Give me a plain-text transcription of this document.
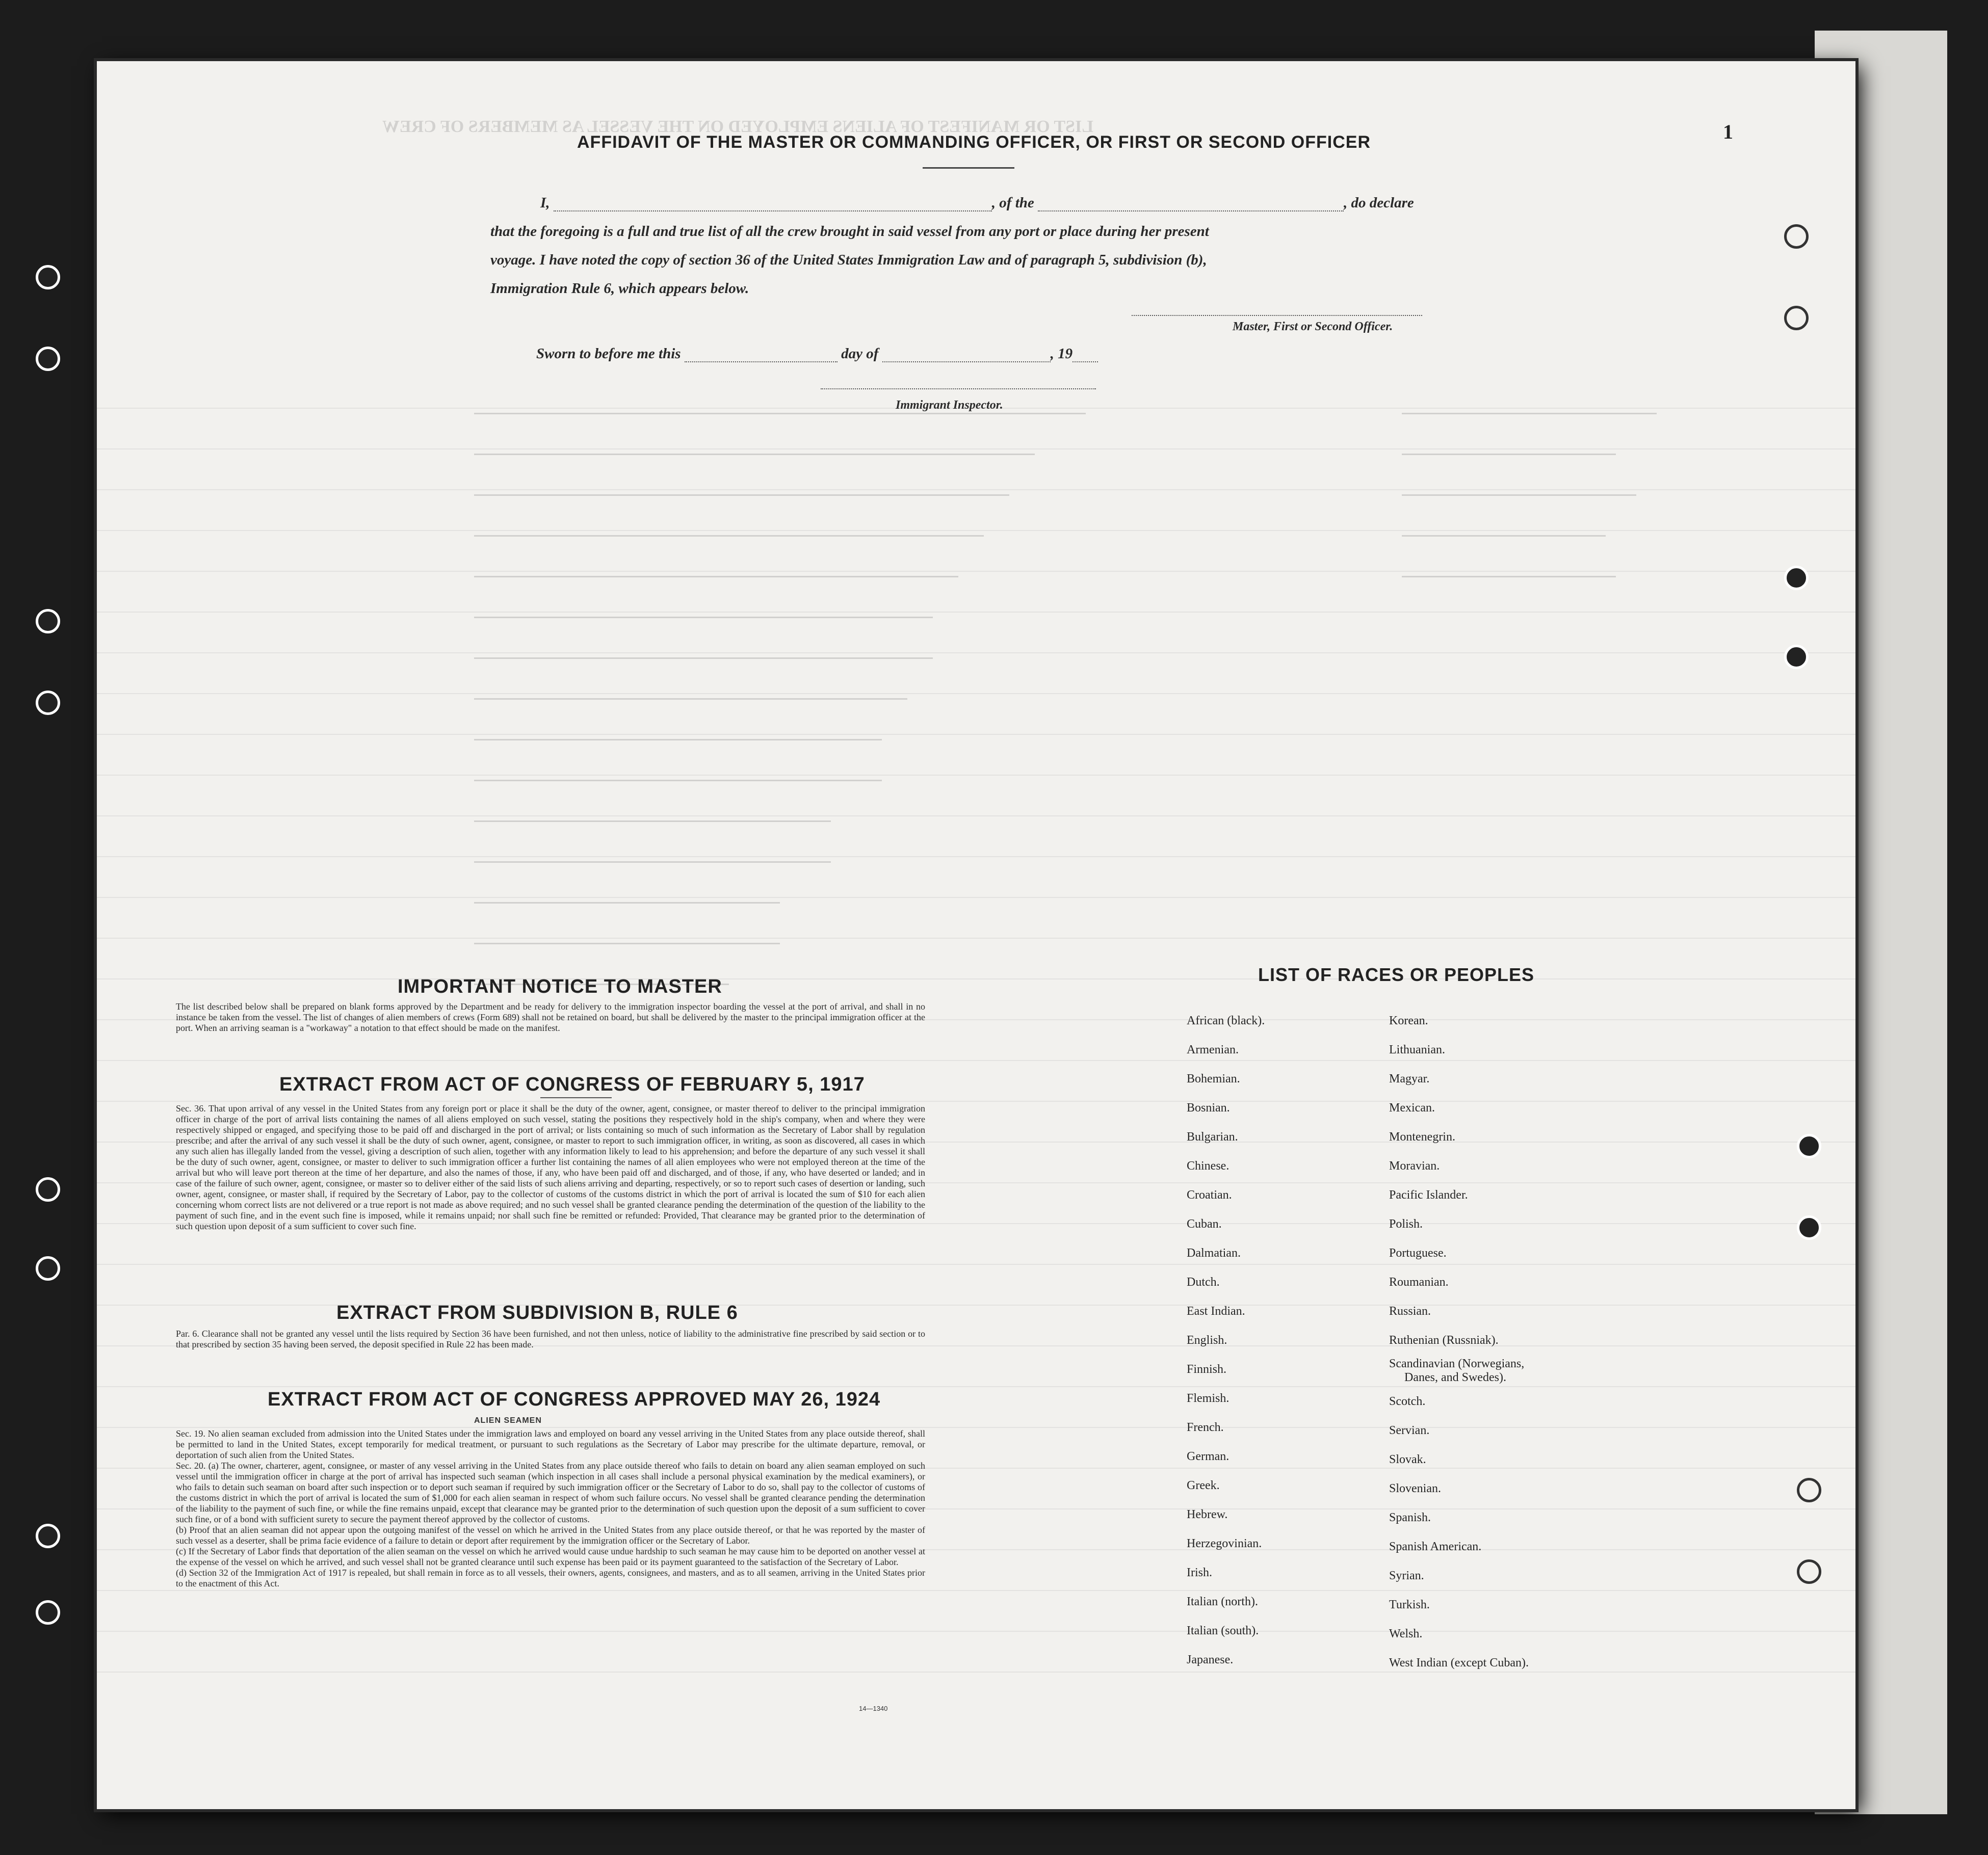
LIST OR MANIFEST OF ALIENS EMPLOYED ON THE VESSEL AS MEMBERS OF CREW	1
AFFIDAVIT OF THE MASTER OR COMMANDING OFFICER, OR FIRST OR SECOND OFFICER
I,	, of the	, do declare
that the foregoing is a full and true list of all the crew brought in said vessel from any port or place during her present
voyage. I have noted the copy of section 36 of the United States Immigration Law and of paragraph 5, subdivision (b),
Immigration Rule 6, which appears below.
Master, First or Second Officer.
Sworn to before me this	day of	, 19
Immigrant Inspector.
IMPORTANT NOTICE TO MASTER
The list described below shall be prepared on blank forms approved by the Department and be ready for delivery to the immigration inspector boarding the vessel at the port of arrival, and shall in no instance be taken from the vessel. The list of changes of alien members of crews (Form 689) shall not be retained on board, but shall be delivered by the master to the principal immigration officer at the port. When an arriving seaman is a "workaway" a notation to that effect should be made on the manifest.
EXTRACT FROM ACT OF CONGRESS OF FEBRUARY 5, 1917
Sec. 36. That upon arrival of any vessel in the United States from any foreign port or place it shall be the duty of the owner, agent, consignee, or master thereof to deliver to the principal immigration officer in charge of the port of arrival lists containing the names of all aliens employed on such vessel, stating the positions they respectively hold in the ship's company, when and where they were respectively shipped or engaged, and specifying those to be paid off and discharged in the port of arrival; or lists containing so much of such information as the Secretary of Labor shall by regulation prescribe; and after the arrival of any such vessel it shall be the duty of such owner, agent, consignee, or master to report to such immigration officer, in writing, as soon as discovered, all cases in which any such alien has illegally landed from the vessel, giving a description of such alien, together with any information likely to lead to his apprehension; and before the departure of any such vessel it shall be the duty of such owner, agent, consignee, or master to deliver to such immigration officer a further list containing the names of all alien employees who were not employed thereon at the time of the arrival but who will leave port thereon at the time of her departure, and also the names of those, if any, who have been paid off and discharged, and of those, if any, who have deserted or landed; and in case of the failure of such owner, agent, consignee, or master so to deliver either of the said lists of such aliens arriving and departing, respectively, or so to report such cases of desertion or landing, such owner, agent, consignee, or master shall, if required by the Secretary of Labor, pay to the collector of customs of the customs district in which the port of arrival is located the sum of $10 for each alien concerning whom correct lists are not delivered or a true report is not made as above required; and no such vessel shall be granted clearance pending the determination of the question of the liability to the payment of such fine, and in the event such fine is imposed, while it remains unpaid; nor shall such fine be remitted or refunded: Provided, That clearance may be granted prior to the determination of such question upon deposit of a sum sufficient to cover such fine.
EXTRACT FROM SUBDIVISION B, RULE 6
Par. 6. Clearance shall not be granted any vessel until the lists required by Section 36 have been furnished, and not then unless, notice of liability to the administrative fine prescribed by said section or to that prescribed by section 35 having been served, the deposit specified in Rule 22 has been made.
EXTRACT FROM ACT OF CONGRESS APPROVED MAY 26, 1924
ALIEN SEAMEN
Sec. 19. No alien seaman excluded from admission into the United States under the immigration laws and employed on board any vessel arriving in the United States from any place outside thereof, shall be permitted to land in the United States, except temporarily for medical treatment, or pursuant to such regulations as the Secretary of Labor may prescribe for the ultimate departure, removal, or deportation of such alien from the United States.
Sec. 20. (a) The owner, charterer, agent, consignee, or master of any vessel arriving in the United States from any place outside thereof who fails to detain on board any alien seaman employed on such vessel until the immigration officer in charge at the port of arrival has inspected such seaman (which inspection in all cases shall include a personal physical examination by the medical examiners), or who fails to detain such seaman on board after such inspection or to deport such seaman if required by such immigration officer or the Secretary of Labor to do so, shall pay to the collector of customs of the customs district in which the port of arrival is located the sum of $1,000 for each alien seaman in respect of whom such failure occurs. No vessel shall be granted clearance pending the determination of the liability to the payment of such fine, or while the fine remains unpaid, except that clearance may be granted prior to the determination of such question upon the deposit of a sum sufficient to cover such fine, or of a bond with sufficient surety to secure the payment thereof approved by the collector of customs.
(b) Proof that an alien seaman did not appear upon the outgoing manifest of the vessel on which he arrived in the United States from any place outside thereof, or that he was reported by the master of such vessel as a deserter, shall be prima facie evidence of a failure to detain or deport after requirement by the immigration officer or the Secretary of Labor.
(c) If the Secretary of Labor finds that deportation of the alien seaman on the vessel on which he arrived would cause undue hardship to such seaman he may cause him to be deported on another vessel at the expense of the vessel on which he arrived, and such vessel shall not be granted clearance until such expense has been paid or its payment guaranteed to the satisfaction of the Secretary of Labor.
(d) Section 32 of the Immigration Act of 1917 is repealed, but shall remain in force as to all vessels, their owners, agents, consignees, and masters, and as to all seamen, arriving in the United States prior to the enactment of this Act.
14—1340
LIST OF RACES OR PEOPLES
African (black).
Armenian.
Bohemian.
Bosnian.
Bulgarian.
Chinese.
Croatian.
Cuban.
Dalmatian.
Dutch.
East Indian.
English.
Finnish.
Flemish.
French.
German.
Greek.
Hebrew.
Herzegovinian.
Irish.
Italian (north).
Italian (south).
Japanese.
Korean.
Lithuanian.
Magyar.
Mexican.
Montenegrin.
Moravian.
Pacific Islander.
Polish.
Portuguese.
Roumanian.
Russian.
Ruthenian (Russniak).
Scandinavian (Norwegians,
Danes, and Swedes).
Scotch.
Servian.
Slovak.
Slovenian.
Spanish.
Spanish American.
Syrian.
Turkish.
Welsh.
West Indian (except Cuban).
